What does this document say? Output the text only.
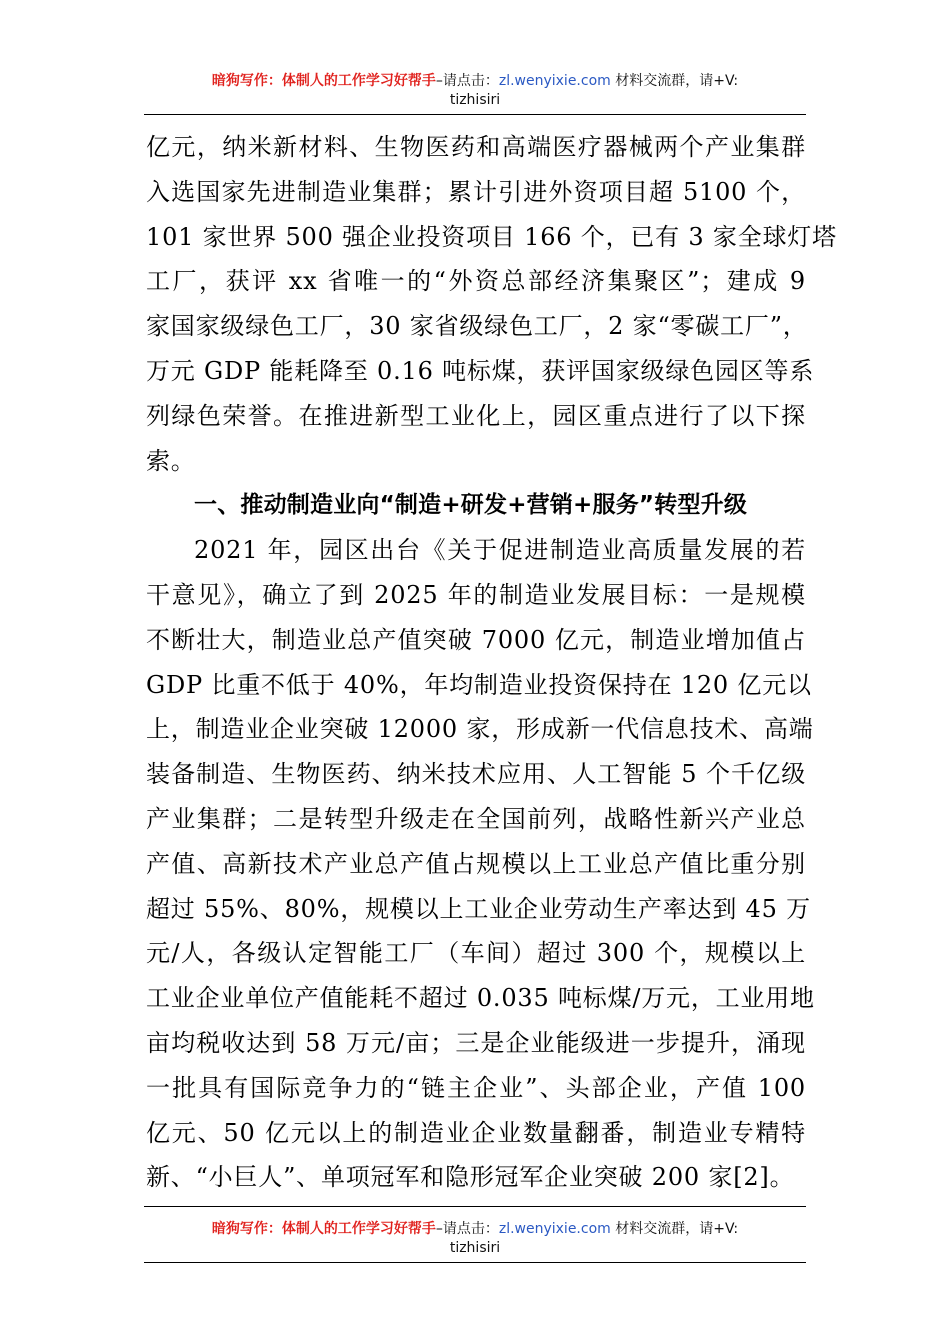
暗狗写作：体制人的工作学习好帮手–请点击：zl.wenyixie.com 材料交流群，请+V:
tizhisiri
亿元，纳米新材料、生物医药和高端医疗器械两个产业集群
入选国家先进制造业集群；累计引进外资项目超 5100 个，
101 家世界 500 强企业投资项目 166 个，已有 3 家全球灯塔
工厂，获评 xx 省唯一的“外资总部经济集聚区”；建成 9
家国家级绿色工厂，30 家省级绿色工厂，2 家“零碳工厂”，
万元 GDP 能耗降至 0.16 吨标煤，获评国家级绿色园区等系
列绿色荣誉。在推进新型工业化上，园区重点进行了以下探
索。
一、推动制造业向“制造+研发+营销+服务”转型升级
2021 年，园区出台《关于促进制造业高质量发展的若
干意见》，确立了到 2025 年的制造业发展目标：一是规模
不断壮大，制造业总产值突破 7000 亿元，制造业增加值占
GDP 比重不低于 40%，年均制造业投资保持在 120 亿元以
上，制造业企业突破 12000 家，形成新一代信息技术、高端
装备制造、生物医药、纳米技术应用、人工智能 5 个千亿级
产业集群；二是转型升级走在全国前列，战略性新兴产业总
产值、高新技术产业总产值占规模以上工业总产值比重分别
超过 55%、80%，规模以上工业企业劳动生产率达到 45 万
元/人，各级认定智能工厂（车间）超过 300 个，规模以上
工业企业单位产值能耗不超过 0.035 吨标煤/万元，工业用地
亩均税收达到 58 万元/亩；三是企业能级进一步提升，涌现
一批具有国际竞争力的“链主企业”、头部企业，产值 100
亿元、50 亿元以上的制造业企业数量翻番，制造业专精特
新、“小巨人”、单项冠军和隐形冠军企业突破 200 家[2]。
暗狗写作：体制人的工作学习好帮手–请点击：zl.wenyixie.com 材料交流群，请+V:
tizhisiri
